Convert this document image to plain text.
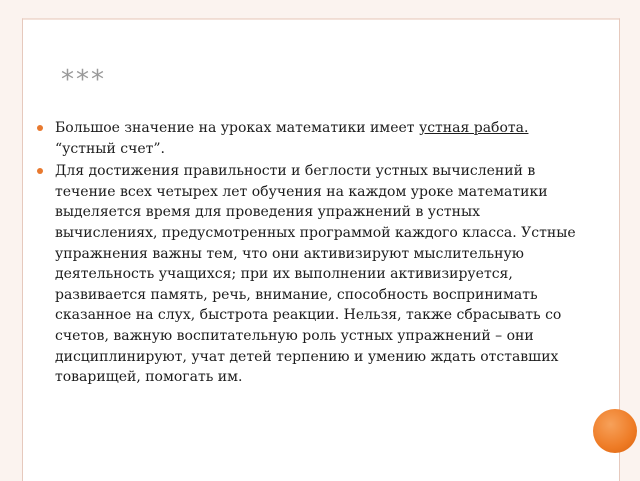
***
Большое значение на уроках математики имеет устная работа. “устный счет”.
Для достижения правильности и беглости устных вычислений в течение всех четырех лет обучения на каждом уроке математики выделяется время для проведения упражнений в устных вычислениях, предусмотренных программой каждого класса. Устные упражнения важны тем, что они активизируют мыслительную деятельность учащихся; при их выполнении активизируется, развивается память, речь, внимание, способность воспринимать сказанное на слух, быстрота реакции. Нельзя, также сбрасывать со счетов, важную воспитательную роль устных упражнений – они дисциплинируют, учат детей терпению и умению ждать отставших товарищей, помогать им.
